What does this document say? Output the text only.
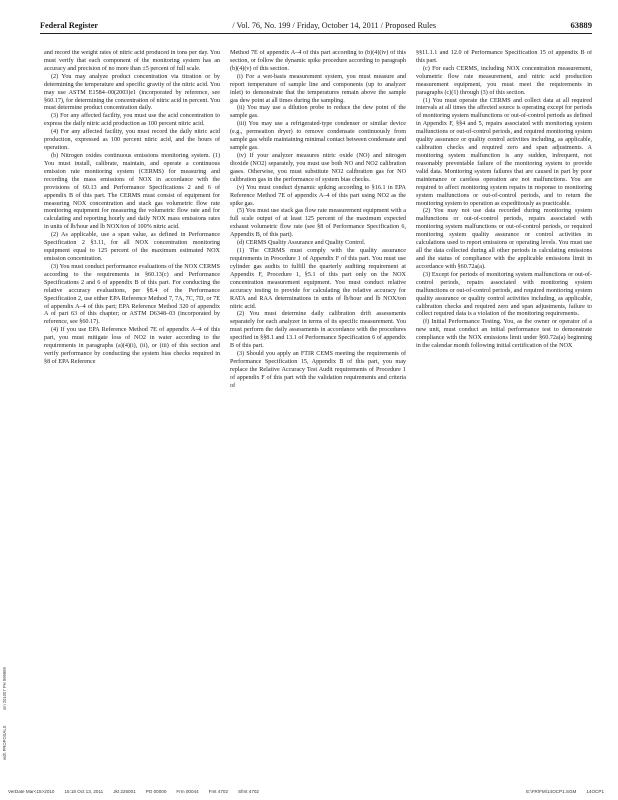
Federal Register	/ Vol. 76, No. 199 / Friday, October 14, 2011 / Proposed Rules	63889
with PROPOSALS
sm 201007 PH 999999

and record the weight rates of nitric acid produced in tons per day. You must verify that each component of the monitoring system has an accuracy and precision of no more than ±5 percent of full scale.

(2) You may analyze product concentration via titration or by determining the temperature and specific gravity of the nitric acid. You may use ASTM E1584–00(2003)e1 (incorporated by reference, see §60.17), for determining the concentration of nitric acid in percent. You must determine product concentration daily.

(3) For any affected facility, you must use the acid concentration to express the daily nitric acid production as 100 percent nitric acid.

(4) For any affected facility, you must record the daily nitric acid production, expressed as 100 percent nitric acid, and the hours of operation.

(b) Nitrogen oxides continuous emissions monitoring system. (1) You must install, calibrate, maintain, and operate a continuous emission rate monitoring system (CERMS) for measuring and recording the mass emissions of NOX in accordance with the provisions of 60.13 and Performance Specifications 2 and 6 of appendix B of this part. The CERMS must consist of equipment for measuring NOX concentration and stack gas volumetric flow rate monitoring equipment for measuring the volumetric flow rate and for calculating and reporting hourly and daily NOX mass emissions rates in units of lb/hour and lb NOX/ton of 100% nitric acid.

(2) As applicable, use a span value, as defined in Performance Specification 2 §3.11, for all NOX concentration monitoring equipment equal to 125 percent of the maximum estimated NOX emission concentration.

(3) You must conduct performance evaluations of the NOX CERMS according to the requirements in §60.13(c) and Performance Specifications 2 and 6 of appendix B of this part. For conducting the relative accuracy evaluations, per §8.4 of the Performance Specification 2, use either EPA Reference Method 7, 7A, 7C, 7D, or 7E of appendix A–4 of this part; EPA Reference Method 320 of appendix A of part 63 of this chapter; or ASTM D6348–03 (incorporated by reference, see §60.17).

(4) If you use EPA Reference Method 7E of appendix A–4 of this part, you must mitigate loss of NO2 in water according to the requirements in paragraphs (a)(4)(i), (ii), or (iii) of this section and verify performance by conducting the system bias checks required in §8 of EPA Reference

Method 7E of appendix A–4 of this part according to (b)(4)(iv) of this section, or follow the dynamic spike procedure according to paragraph (b)(4)(v) of this section.

(i) For a wet-basis measurement system, you must measure and report temperature of sample line and components (up to analyzer inlet) to demonstrate that the temperatures remain above the sample gas dew point at all times during the sampling.

(ii) You may use a dilution probe to reduce the dew point of the sample gas.

(iii) You may use a refrigerated-type condenser or similar device (e.g., permeation dryer) to remove condensate continuously from sample gas while maintaining minimal contact between condensate and sample gas.

(iv) If your analyzer measures nitric oxide (NO) and nitrogen dioxide (NO2) separately, you must use both NO and NO2 calibration gases. Otherwise, you must substitute NO2 calibration gas for NO calibration gas in the performance of system bias checks.

(v) You must conduct dynamic spiking according to §16.1 in EPA Reference Method 7E of appendix A–4 of this part using NO2 as the spike gas.

(5) You must use stack gas flow rate measurement equipment with a full scale output of at least 125 percent of the maximum expected exhaust volumetric flow rate (see §8 of Performance Specification 6, Appendix B, of this part).

(d) CERMS Quality Assurance and Quality Control.

(1) The CERMS must comply with the quality assurance requirements in Procedure 1 of Appendix F of this part. You must use cylinder gas audits to fulfill the quarterly auditing requirement at Appendix F, Procedure 1, §5.1 of this part only on the NOX concentration measurement equipment. You must conduct relative accuracy testing to provide for calculating the relative accuracy for RATA and RAA determinations in units of lb/hour and lb NOX/ton nitric acid.

(2) You must determine daily calibration drift assessments separately for each analyzer in terms of its specific measurement. You must perform the daily assessments in accordance with the procedures specified in §§8.1 and 13.1 of Performance Specification 6 of appendix B of this part.

(3) Should you apply an FTIR CEMS meeting the requirements of Performance Specification 15, Appendix B of this part, you may replace the Relative Accuracy Test Audit requirements of Procedure 1 of appendix F of this part with the validation requirements and criteria of

§§11.1.1 and 12.0 of Performance Specification 15 of appendix B of this part.

(c) For each CERMS, including NOX concentration measurement, volumetric flow rate measurement, and nitric acid production measurement equipment, you must meet the requirements in paragraphs (c)(1) through (3) of this section.

(1) You must operate the CERMS and collect data at all required intervals at all times the affected source is operating except for periods of monitoring system malfunctions or out-of-control periods as defined in Appendix F, §§4 and 5, repairs associated with monitoring system malfunctions or out-of-control periods, and required monitoring system quality assurance or quality control activities including, as applicable, calibration checks and required zero and span adjustments. A monitoring system malfunction is any sudden, infrequent, not reasonably preventable failure of the monitoring system to provide valid data. Monitoring system failures that are caused in part by poor maintenance or careless operation are not malfunctions. You are required to affect monitoring system repairs in response to monitoring system malfunctions or out-of-control periods, and to return the monitoring system to operation as expeditiously as practicable.

(2) You may not use data recorded during monitoring system malfunctions or out-of-control periods, repairs associated with monitoring system malfunctions or out-of-control periods, or required monitoring system quality assurance or control activities in calculations used to report emissions or operating levels. You must use all the data collected during all other periods in calculating emissions and the status of compliance with the applicable emissions limit in accordance with §60.72a(a).

(3) Except for periods of monitoring system malfunctions or out-of-control periods, repairs associated with monitoring system malfunctions or out-of-control periods, and required monitoring system quality assurance or quality control activities including, as applicable, calibration checks and required zero and span adjustments, failure to collect required data is a violation of the monitoring requirements.

(f) Initial Performance Testing. You, as the owner or operator of a new unit, must conduct an initial performance test to demonstrate compliance with the NOX emissions limit under §60.72a(a) beginning in the calendar month following initial certification of the NOX

VerDate Mar<15>2010 15:18 Oct 13, 2011 Jkt 226001 PO 00000 Frm 00044 Fmt 4702 Sfmt 4702	E:\FR\FM\14OCP1.SGM 14OCP1
